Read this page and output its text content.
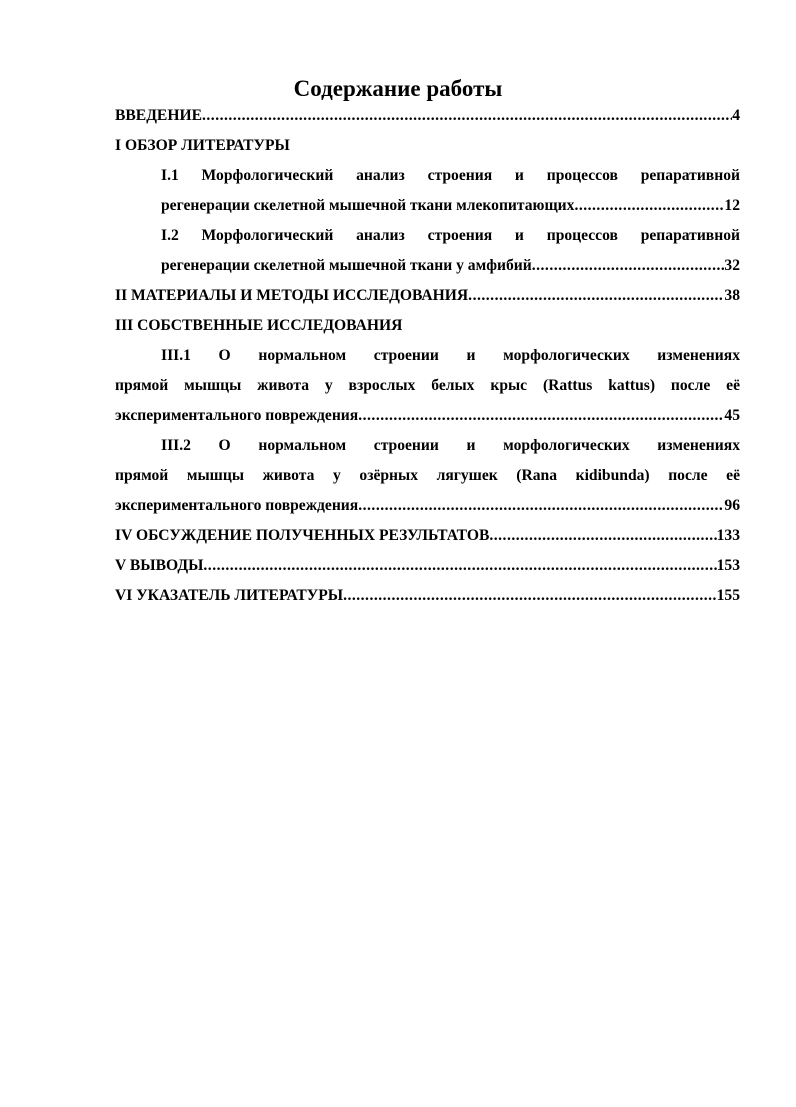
Содержание работы
ВВЕДЕНИЕ .....	4
I ОБЗОР ЛИТЕРАТУРЫ
I.1 Морфологический анализ строения и процессов репаративной
регенерации скелетной мышечной ткани млекопитающих .....	12
I.2 Морфологический анализ строения и процессов репаративной
регенерации скелетной мышечной ткани у амфибий .....	32
II МАТЕРИАЛЫ И МЕТОДЫ ИССЛЕДОВАНИЯ .....	38
III СОБСТВЕННЫЕ ИССЛЕДОВАНИЯ
III.1 О нормальном строении и морфологических изменениях
прямой мышцы живота у взрослых белых крыс (Rattus kattus) после её
экспериментального повреждения .....	45
III.2 О нормальном строении и морфологических изменениях
прямой мышцы живота у озёрных лягушек (Rana кidibunda) после её
экспериментального повреждения .....	96
IV ОБСУЖДЕНИЕ ПОЛУЧЕННЫХ РЕЗУЛЬТАТОВ .....	133
V ВЫВОДЫ .....	153
VI УКАЗАТЕЛЬ ЛИТЕРАТУРЫ .....	155
